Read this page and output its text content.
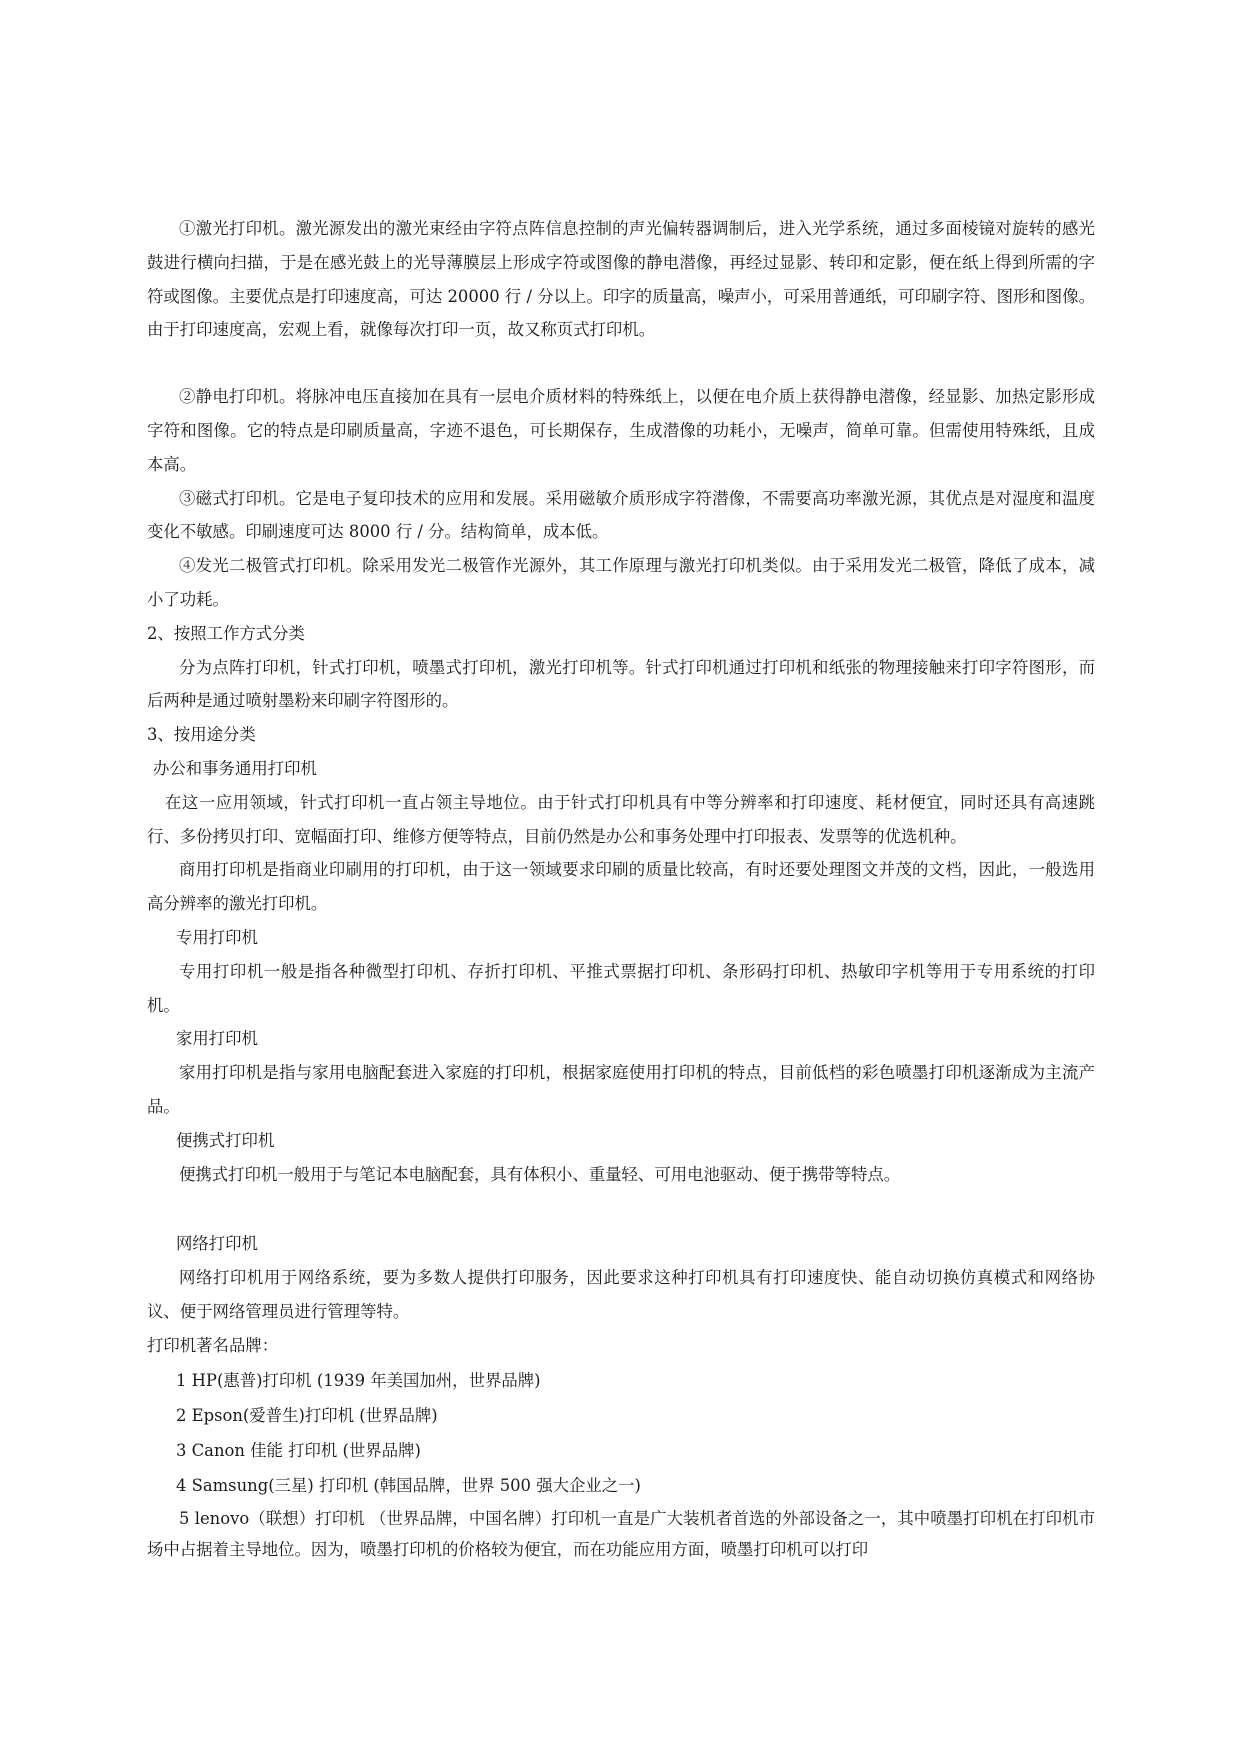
①激光打印机。激光源发出的激光束经由字符点阵信息控制的声光偏转器调制后，进入光学系统，通过多面棱镜对旋转的感光鼓进行横向扫描，于是在感光鼓上的光导薄膜层上形成字符或图像的静电潜像，再经过显影、转印和定影，便在纸上得到所需的字符或图像。主要优点是打印速度高，可达 20000 行 / 分以上。印字的质量高，噪声小，可采用普通纸，可印刷字符、图形和图像。由于打印速度高，宏观上看，就像每次打印一页，故又称页式打印机。

②静电打印机。将脉冲电压直接加在具有一层电介质材料的特殊纸上，以便在电介质上获得静电潜像，经显影、加热定影形成字符和图像。它的特点是印刷质量高，字迹不退色，可长期保存，生成潜像的功耗小，无噪声，简单可靠。但需使用特殊纸，且成本高。

③磁式打印机。它是电子复印技术的应用和发展。采用磁敏介质形成字符潜像，不需要高功率激光源，其优点是对湿度和温度变化不敏感。印刷速度可达 8000 行 / 分。结构简单，成本低。

④发光二极管式打印机。除采用发光二极管作光源外，其工作原理与激光打印机类似。由于采用发光二极管，降低了成本，减小了功耗。

2、按照工作方式分类

分为点阵打印机，针式打印机，喷墨式打印机，激光打印机等。针式打印机通过打印机和纸张的物理接触来打印字符图形，而后两种是通过喷射墨粉来印刷字符图形的。

3、按用途分类

办公和事务通用打印机

在这一应用领域，针式打印机一直占领主导地位。由于针式打印机具有中等分辨率和打印速度、耗材便宜，同时还具有高速跳行、多份拷贝打印、宽幅面打印、维修方便等特点，目前仍然是办公和事务处理中打印报表、发票等的优选机种。

商用打印机是指商业印刷用的打印机，由于这一领域要求印刷的质量比较高，有时还要处理图文并茂的文档，因此，一般选用高分辨率的激光打印机。

专用打印机

专用打印机一般是指各种微型打印机、存折打印机、平推式票据打印机、条形码打印机、热敏印字机等用于专用系统的打印机。

家用打印机

家用打印机是指与家用电脑配套进入家庭的打印机，根据家庭使用打印机的特点，目前低档的彩色喷墨打印机逐渐成为主流产品。

便携式打印机

便携式打印机一般用于与笔记本电脑配套，具有体积小、重量轻、可用电池驱动、便于携带等特点。

网络打印机

网络打印机用于网络系统，要为多数人提供打印服务，因此要求这种打印机具有打印速度快、能自动切换仿真模式和网络协议、便于网络管理员进行管理等特。

打印机著名品牌：

1 HP(惠普)打印机 (1939 年美国加州，世界品牌)

2 Epson(爱普生)打印机 (世界品牌)

3 Canon 佳能 打印机 (世界品牌)

4 Samsung(三星) 打印机 (韩国品牌，世界 500 强大企业之一)

5 lenovo（联想）打印机 （世界品牌，中国名牌）打印机一直是广大装机者首选的外部设备之一，其中喷墨打印机在打印机市场中占据着主导地位。因为，喷墨打印机的价格较为便宜，而在功能应用方面，喷墨打印机可以打印
